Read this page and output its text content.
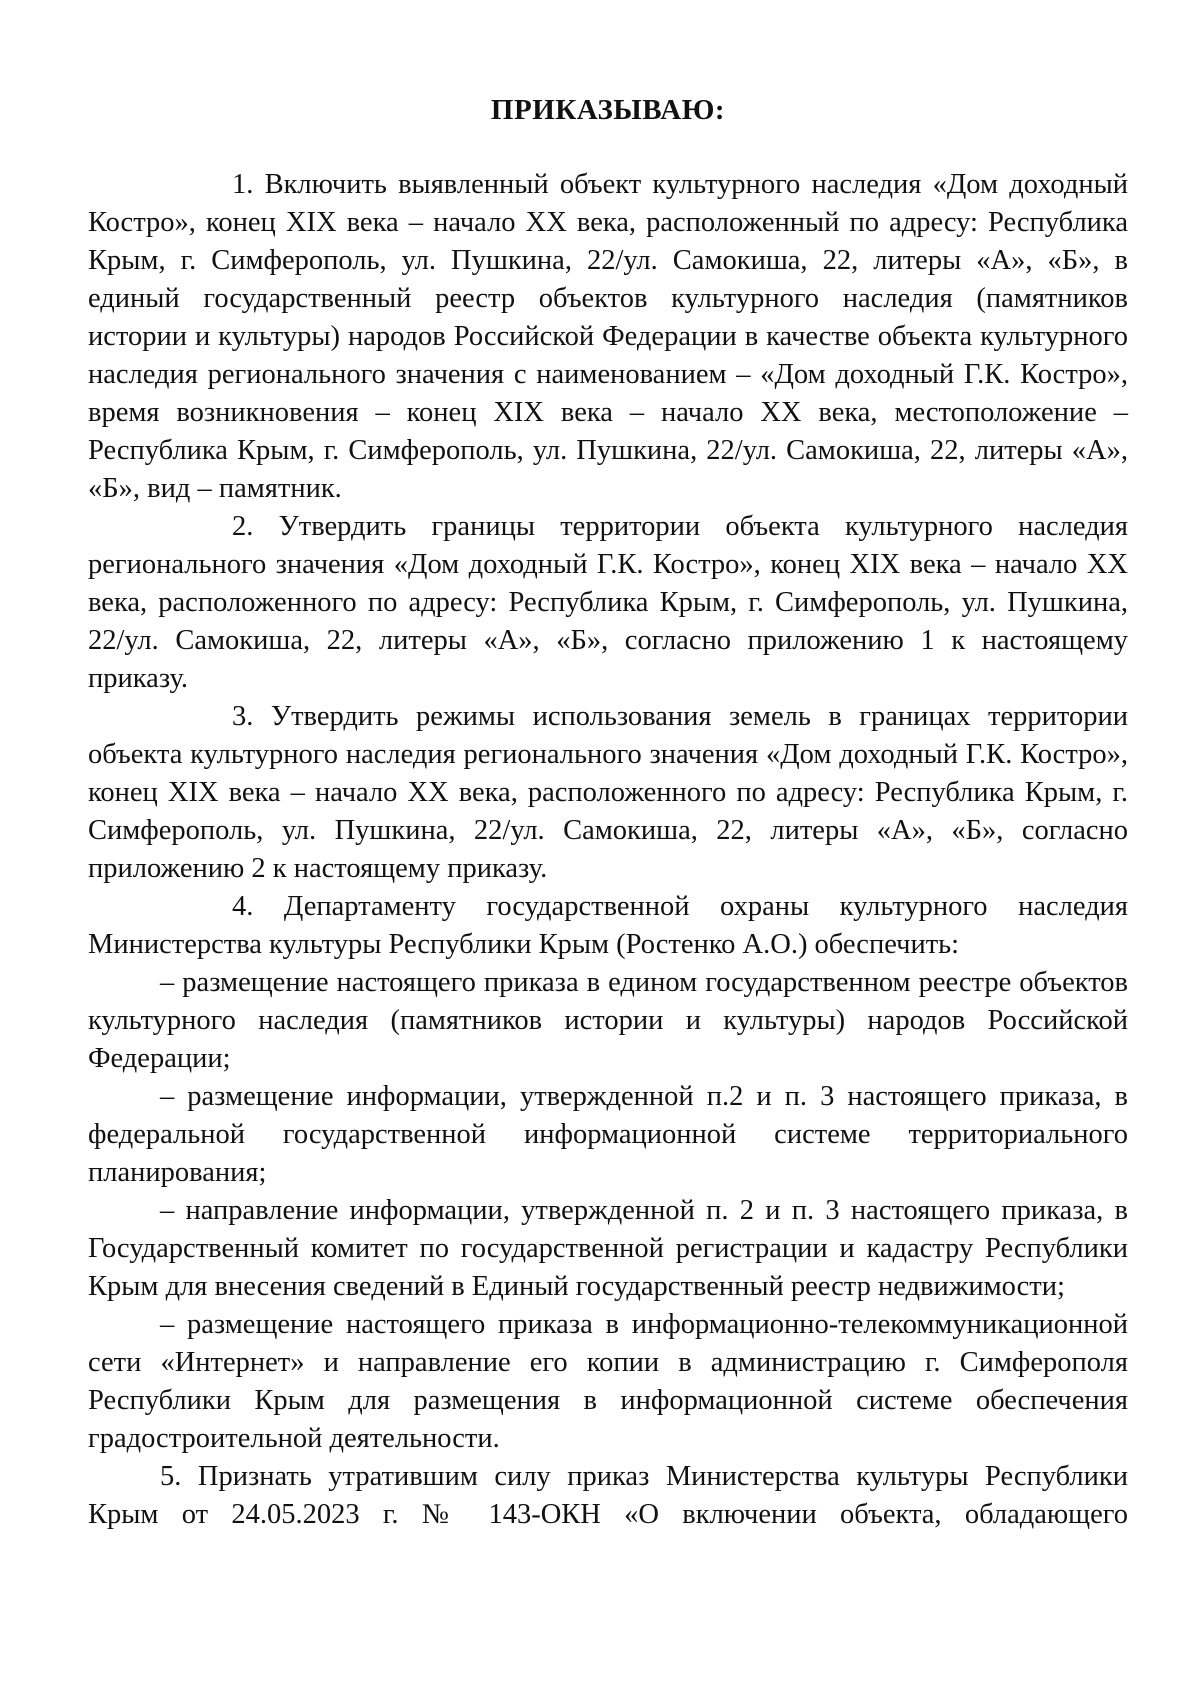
ПРИКАЗЫВАЮ:

1. Включить выявленный объект культурного наследия «Дом доходный Костро», конец XIX века – начало XX века, расположенный по адресу: Республика Крым, г. Симферополь, ул. Пушкина, 22/ул. Самокиша, 22, литеры «А», «Б», в единый государственный реестр объектов культурного наследия (памятников истории и культуры) народов Российской Федерации в качестве объекта культурного наследия регионального значения с наименованием – «Дом доходный Г.К. Костро», время возникновения – конец XIX века – начало XX века, местоположение – Республика Крым, г. Симферополь, ул. Пушкина, 22/ул. Самокиша, 22, литеры «А», «Б», вид – памятник.

2. Утвердить границы территории объекта культурного наследия регионального значения «Дом доходный Г.К. Костро», конец XIX века – начало XX века, расположенного по адресу: Республика Крым, г. Симферополь, ул. Пушкина, 22/ул. Самокиша, 22, литеры «А», «Б», согласно приложению 1 к настоящему приказу.

3. Утвердить режимы использования земель в границах территории объекта культурного наследия регионального значения «Дом доходный Г.К. Костро», конец XIX века – начало XX века, расположенного по адресу: Республика Крым, г. Симферополь, ул. Пушкина, 22/ул. Самокиша, 22, литеры «А», «Б», согласно приложению 2 к настоящему приказу.

4. Департаменту государственной охраны культурного наследия Министерства культуры Республики Крым (Ростенко А.О.) обеспечить:

– размещение настоящего приказа в едином государственном реестре объектов культурного наследия (памятников истории и культуры) народов Российской Федерации;

– размещение информации, утвержденной п.2 и п. 3 настоящего приказа, в федеральной государственной информационной системе территориального планирования;

– направление информации, утвержденной п. 2 и п. 3 настоящего приказа, в Государственный комитет по государственной регистрации и кадастру Республики Крым для внесения сведений в Единый государственный реестр недвижимости;

– размещение настоящего приказа в информационно-телекоммуникационной сети «Интернет» и направление его копии в администрацию г. Симферополя Республики Крым для размещения в информационной системе обеспечения градостроительной деятельности.

5. Признать утратившим силу приказ Министерства культуры Республики Крым от 24.05.2023 г. № 143-ОКН «О включении объекта, обладающего
